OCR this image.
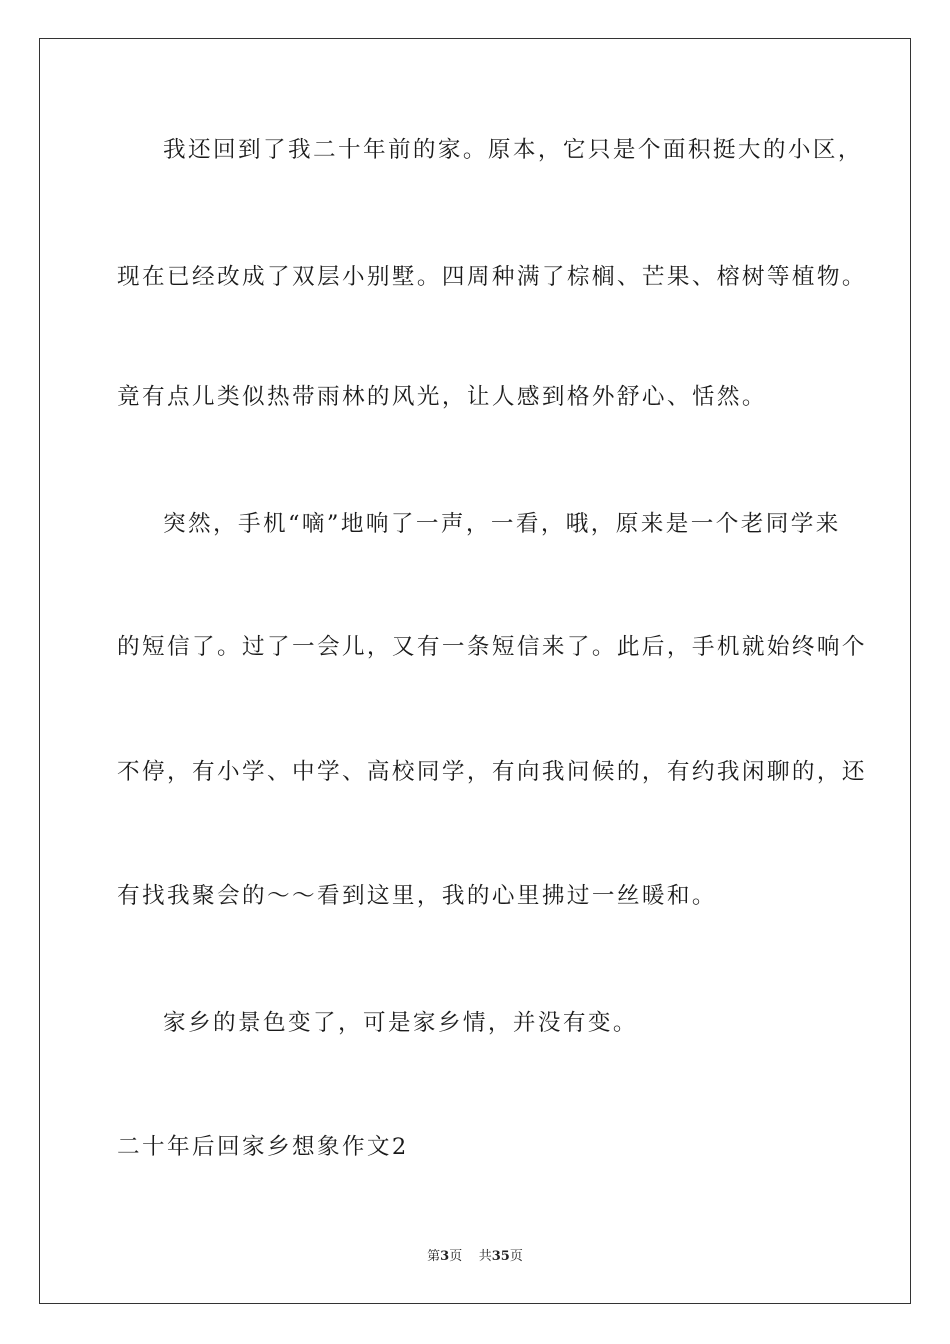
我还回到了我二十年前的家。原本，它只是个面积挺大的小区，
现在已经改成了双层小别墅。四周种满了棕榈、芒果、榕树等植物。
竟有点儿类似热带雨林的风光，让人感到格外舒心、恬然。
突然，手机“嘀”地响了一声，一看，哦，原来是一个老同学来
的短信了。过了一会儿，又有一条短信来了。此后，手机就始终响个
不停，有小学、中学、高校同学，有向我问候的，有约我闲聊的，还
有找我聚会的～～看到这里，我的心里拂过一丝暖和。
家乡的景色变了，可是家乡情，并没有变。
二十年后回家乡想象作文2
第3页 共35页
